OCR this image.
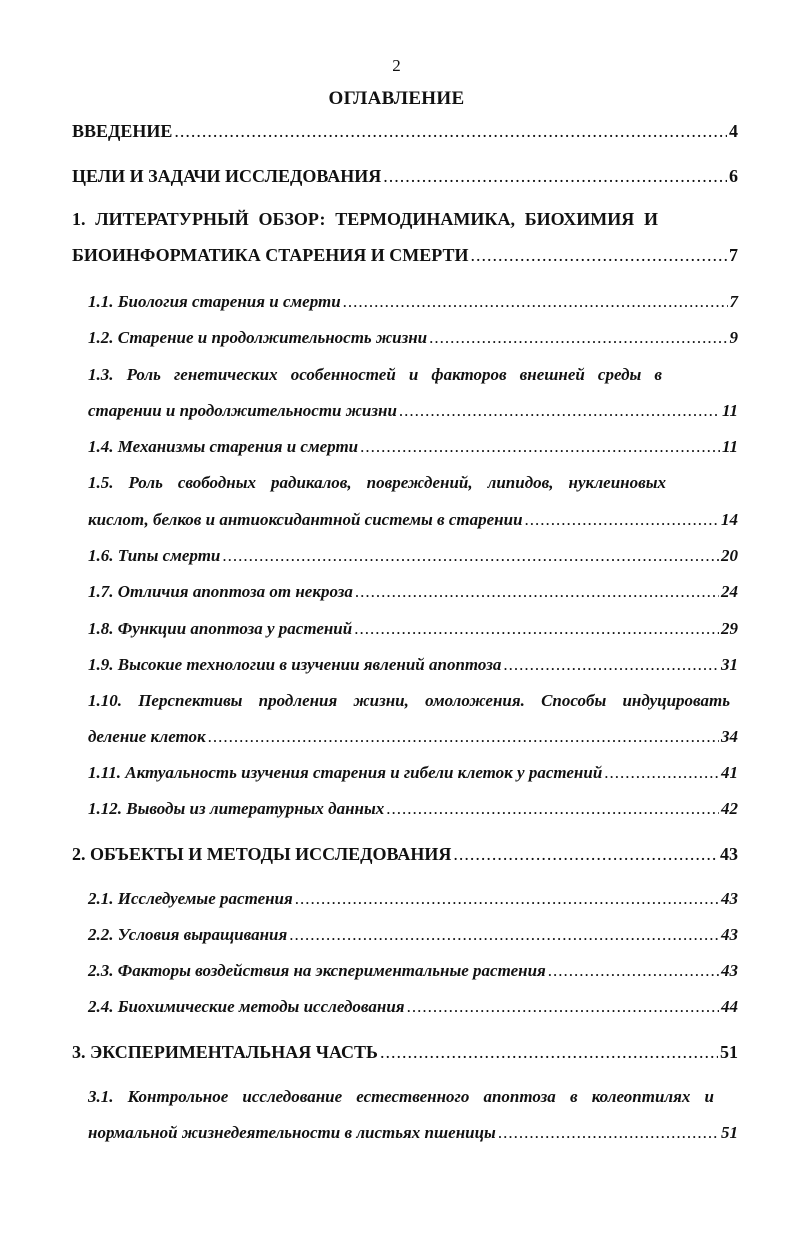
2
ОГЛАВЛЕНИЕ
ВВЕДЕНИЕ .....	4
ЦЕЛИ И ЗАДАЧИ ИССЛЕДОВАНИЯ .....	6
1. ЛИТЕРАТУРНЫЙ ОБЗОР: ТЕРМОДИНАМИКА, БИОХИМИЯ И
БИОИНФОРМАТИКА СТАРЕНИЯ И СМЕРТИ .....	7
1.1. Биология старения и смерти .....	7
1.2. Старение и продолжительность жизни .....	9
1.3. Роль генетических особенностей и факторов внешней среды в
старении и продолжительности жизни .....	11
1.4. Механизмы старения и смерти .....	11
1.5. Роль свободных радикалов, повреждений, липидов, нуклеиновых
кислот, белков и антиоксидантной системы в старении .....	14
1.6. Типы смерти .....	20
1.7. Отличия апоптоза от некроза .....	24
1.8. Функции апоптоза у растений .....	29
1.9. Высокие технологии в изучении явлений апоптоза .....	31
1.10. Перспективы продления жизни, омоложения. Способы индуцировать
деление клеток .....	34
1.11. Актуальность изучения старения и гибели клеток у растений .....	41
1.12. Выводы из литературных данных .....	42
2. ОБЪЕКТЫ И МЕТОДЫ ИССЛЕДОВАНИЯ .....	43
2.1. Исследуемые растения .....	43
2.2. Условия выращивания .....	43
2.3. Факторы воздействия на экспериментальные растения .....	43
2.4. Биохимические методы исследования .....	44
3. ЭКСПЕРИМЕНТАЛЬНАЯ ЧАСТЬ .....	51
3.1. Контрольное исследование естественного апоптоза в колеоптилях и
нормальной жизнедеятельности в листьях пшеницы .....	51
